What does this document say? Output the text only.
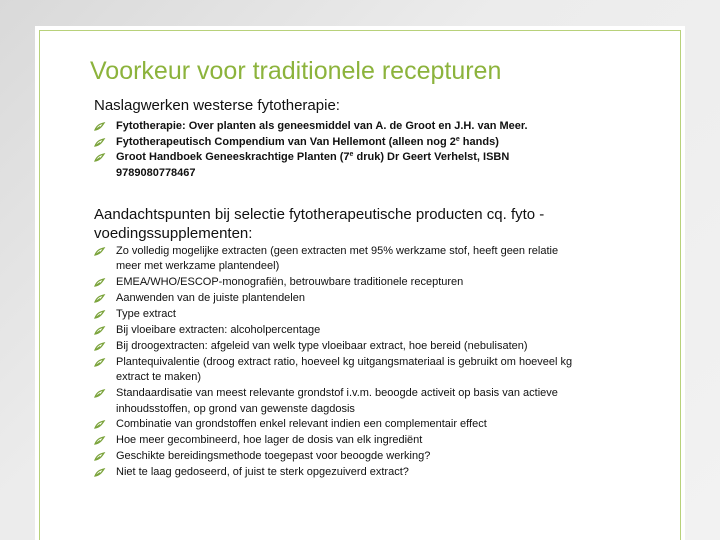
Voorkeur voor traditionele recepturen
Naslagwerken westerse fytotherapie:
Fytotherapie: Over planten als geneesmiddel van A. de Groot en J.H. van Meer.
Fytotherapeutisch Compendium van Van Hellemont (alleen nog 2e hands)
Groot Handboek Geneeskrachtige Planten (7e druk) Dr Geert Verhelst, ISBN 9789080778467
Aandachtspunten bij selectie fytotherapeutische producten cq. fyto -voedingssupplementen:
Zo volledig mogelijke extracten (geen extracten met 95% werkzame stof, heeft geen relatie meer met werkzame plantendeel)
EMEA/WHO/ESCOP-monografiën, betrouwbare traditionele recepturen
Aanwenden van de juiste plantendelen
Type extract
Bij vloeibare extracten: alcoholpercentage
Bij droogextracten: afgeleid van welk type vloeibaar extract, hoe bereid (nebulisaten)
Plantequivalentie (droog extract ratio, hoeveel kg uitgangsmateriaal is gebruikt om hoeveel kg extract te maken)
Standaardisatie van meest relevante grondstof i.v.m. beoogde activeit op basis van actieve inhoudsstoffen, op grond van gewenste dagdosis
Combinatie van grondstoffen enkel relevant indien een complementair effect
Hoe meer gecombineerd, hoe lager de dosis van elk ingrediënt
Geschikte bereidingsmethode toegepast voor beoogde werking?
Niet te laag gedoseerd, of juist te sterk opgezuiverd extract?
